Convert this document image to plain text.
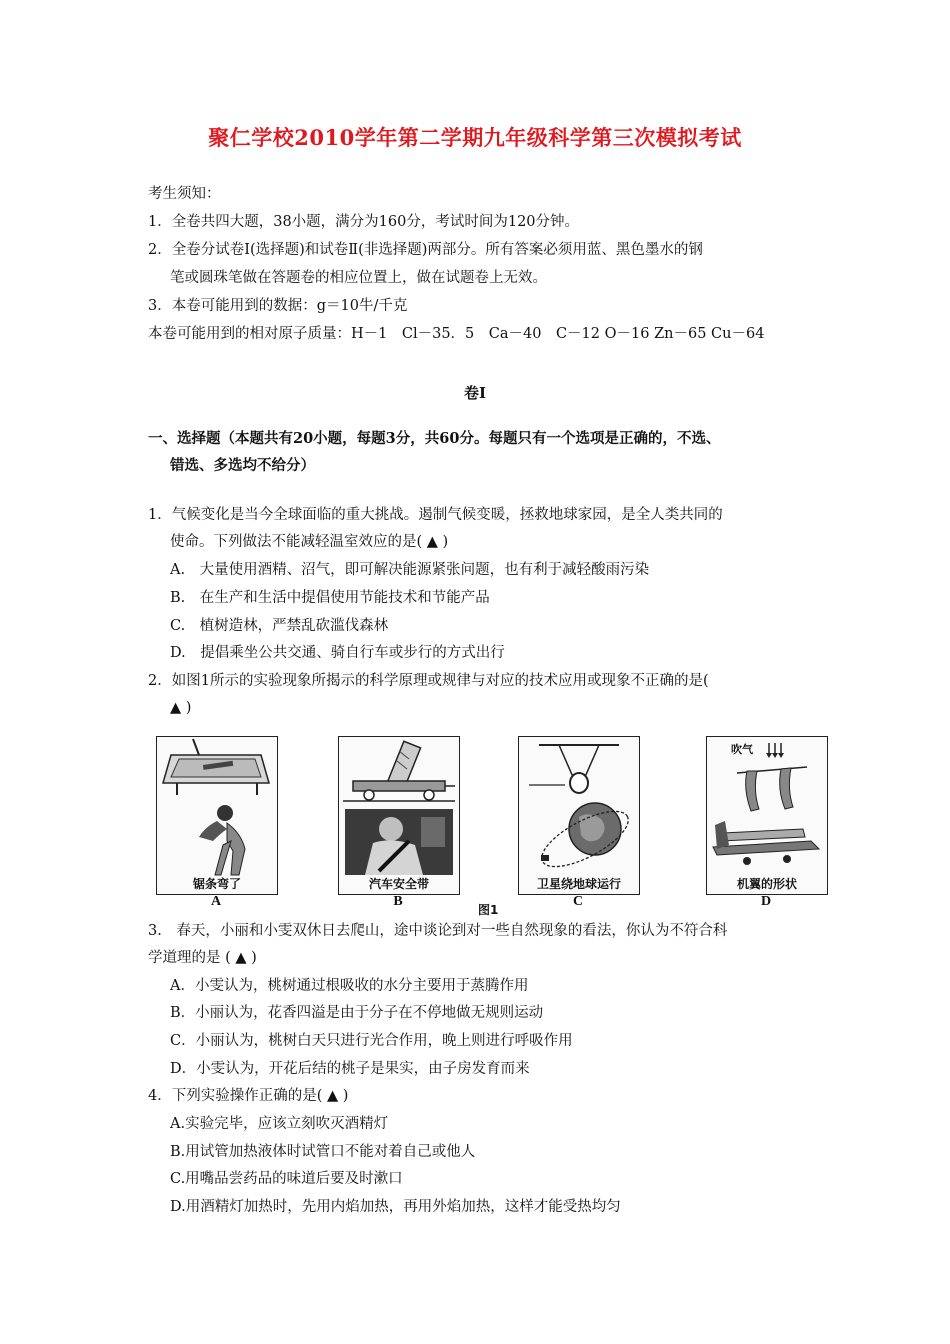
聚仁学校2010学年第二学期九年级科学第三次模拟考试
考生须知：
1．全卷共四大题，38小题，满分为160分，考试时间为120分钟。
2．全卷分试卷Ⅰ(选择题)和试卷Ⅱ(非选择题)两部分。所有答案必须用蓝、黑色墨水的钢
笔或圆珠笔做在答题卷的相应位置上，做在试题卷上无效。
3．本卷可能用到的数据：g＝10牛/千克
本卷可能用到的相对原子质量：H－1　Cl－35．5　Ca－40　C－12 O－16 Zn－65 Cu－64
卷Ⅰ
一、选择题（本题共有20小题，每题3分，共60分。每题只有一个选项是正确的，不选、
错选、多选均不给分）
1．气候变化是当今全球面临的重大挑战。遏制气候变暖，拯救地球家园，是全人类共同的
使命。下列做法不能减轻温室效应的是( ▲ )
A.　大量使用酒精、沼气，即可解决能源紧张问题，也有利于减轻酸雨污染
B.　在生产和生活中提倡使用节能技术和节能产品
C.　植树造林，严禁乱砍滥伐森林
D.　提倡乘坐公共交通、骑自行车或步行的方式出行
2．如图1所示的实验现象所揭示的科学原理或规律与对应的技术应用或现象不正确的是(
▲ )
锯条弯了
A
汽车安全带
B
卫星绕地球运行
C
吹气
机翼的形状
D
图1
3.　春天，小丽和小雯双休日去爬山，途中谈论到对一些自然现象的看法，你认为不符合科
学道理的是 ( ▲ )
A．小雯认为，桃树通过根吸收的水分主要用于蒸腾作用
B．小丽认为，花香四溢是由于分子在不停地做无规则运动
C．小丽认为，桃树白天只进行光合作用，晚上则进行呼吸作用
D．小雯认为，开花后结的桃子是果实，由子房发育而来
4．下列实验操作正确的是( ▲ )
A.实验完毕，应该立刻吹灭酒精灯
B.用试管加热液体时试管口不能对着自己或他人
C.用嘴品尝药品的味道后要及时漱口
D.用酒精灯加热时，先用内焰加热，再用外焰加热，这样才能受热均匀
